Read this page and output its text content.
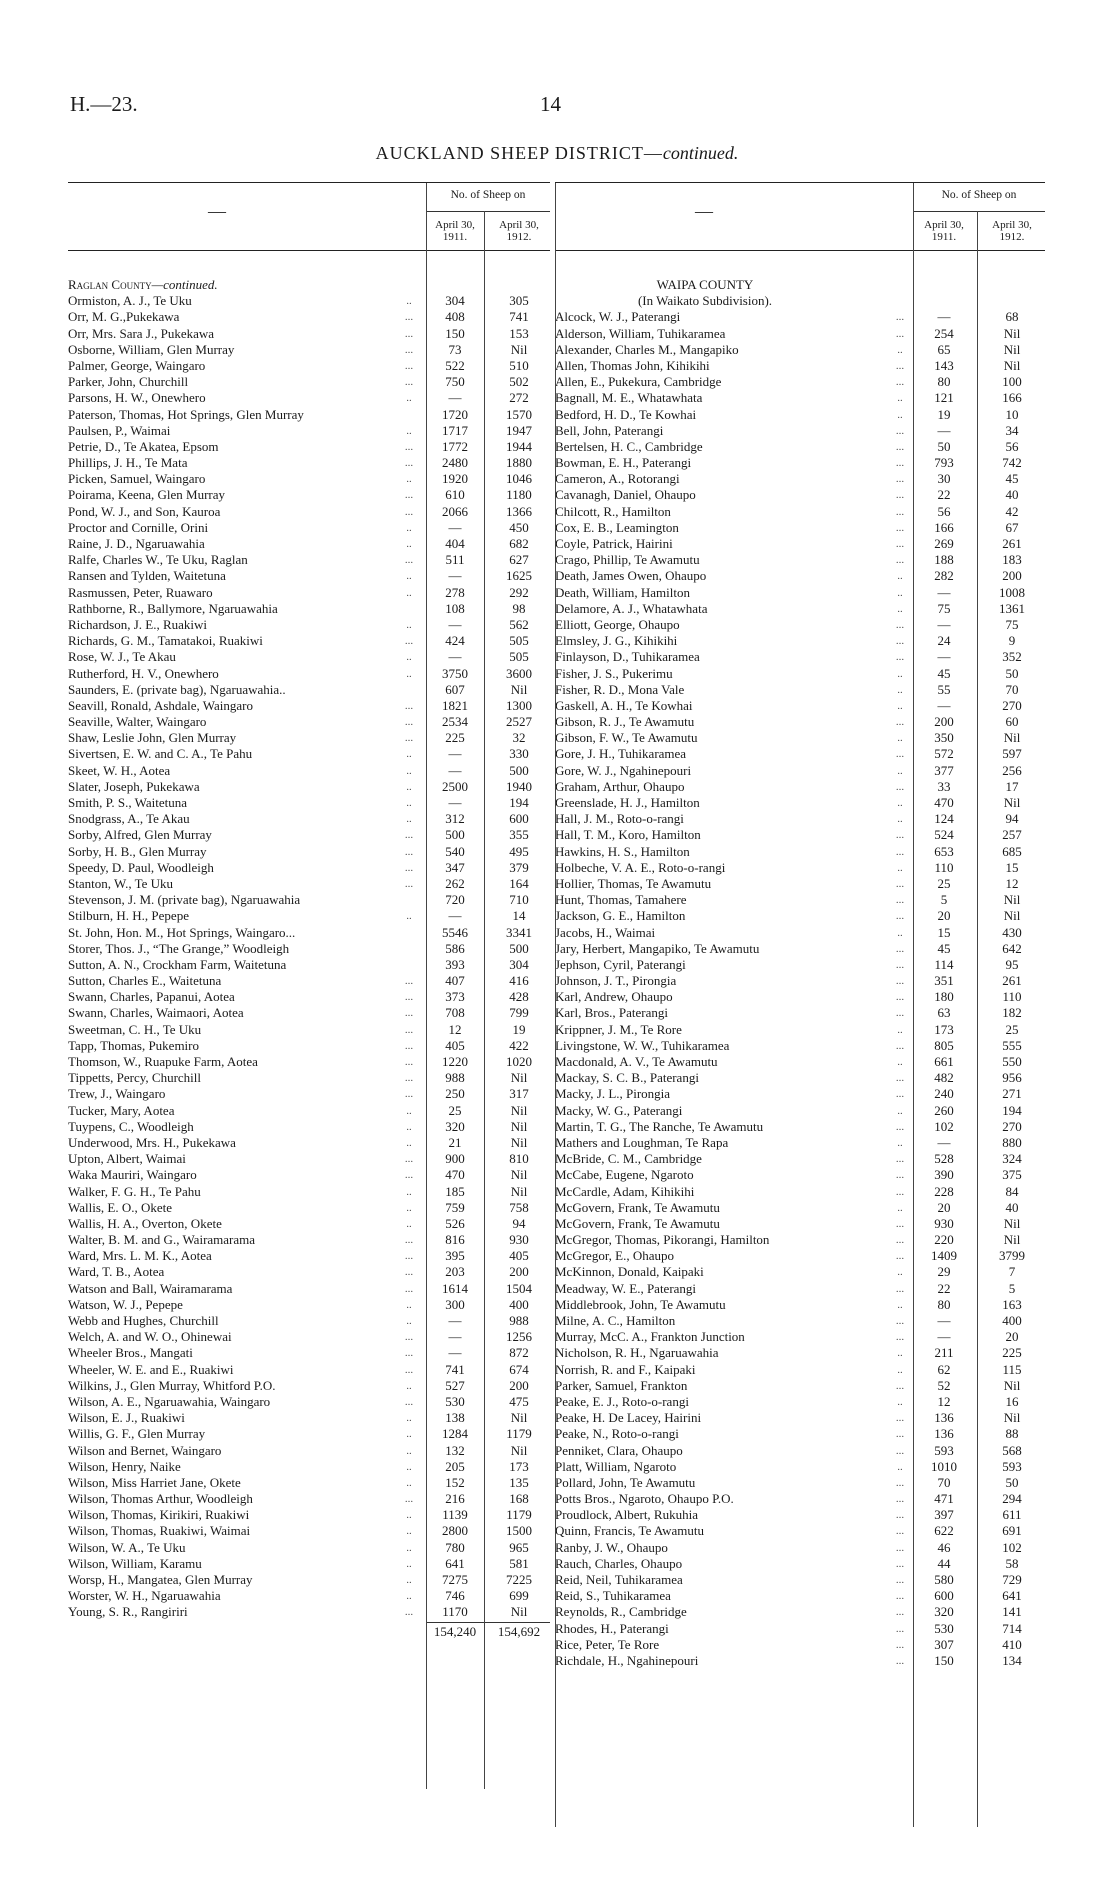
H.—23.	14
AUCKLAND SHEEP DISTRICT—continued.
—
No. of Sheep on
April 30, 1911.
April 30, 1912.
Raglan County—continued.
Ormiston, A. J., Te Uku	..	304	305
Orr, M. G.,Pukekawa	...	408	741
Orr, Mrs. Sara J., Pukekawa	...	150	153
Osborne, William, Glen Murray	...	73	Nil
Palmer, George, Waingaro	...	522	510
Parker, John, Churchill	...	750	502
Parsons, H. W., Onewhero	..	—	272
Paterson, Thomas, Hot Springs, Glen Murray	1720	1570
Paulsen, P., Waimai	..	1717	1947
Petrie, D., Te Akatea, Epsom	...	1772	1944
Phillips, J. H., Te Mata	...	2480	1880
Picken, Samuel, Waingaro	..	1920	1046
Poirama, Keena, Glen Murray	...	610	1180
Pond, W. J., and Son, Kauroa	...	2066	1366
Proctor and Cornille, Orini	..	—	450
Raine, J. D., Ngaruawahia	..	404	682
Ralfe, Charles W., Te Uku, Raglan	...	511	627
Ransen and Tylden, Waitetuna	..	—	1625
Rasmussen, Peter, Ruawaro	..	278	292
Rathborne, R., Ballymore, Ngaruawahia	108	98
Richardson, J. E., Ruakiwi	..	—	562
Richards, G. M., Tamatakoi, Ruakiwi	...	424	505
Rose, W. J., Te Akau	..	—	505
Rutherford, H. V., Onewhero	..	3750	3600
Saunders, E. (private bag), Ngaruawahia..	607	Nil
Seavill, Ronald, Ashdale, Waingaro	...	1821	1300
Seaville, Walter, Waingaro	...	2534	2527
Shaw, Leslie John, Glen Murray	...	225	32
Sivertsen, E. W. and C. A., Te Pahu	..	—	330
Skeet, W. H., Aotea	..	—	500
Slater, Joseph, Pukekawa	..	2500	1940
Smith, P. S., Waitetuna	..	—	194
Snodgrass, A., Te Akau	..	312	600
Sorby, Alfred, Glen Murray	...	500	355
Sorby, H. B., Glen Murray	...	540	495
Speedy, D. Paul, Woodleigh	...	347	379
Stanton, W., Te Uku	...	262	164
Stevenson, J. M. (private bag), Ngaruawahia	720	710
Stilburn, H. H., Pepepe	..	—	14
St. John, Hon. M., Hot Springs, Waingaro...	5546	3341
Storer, Thos. J., “The Grange,” Woodleigh	586	500
Sutton, A. N., Crockham Farm, Waitetuna	393	304
Sutton, Charles E., Waitetuna	...	407	416
Swann, Charles, Papanui, Aotea	...	373	428
Swann, Charles, Waimaori, Aotea	...	708	799
Sweetman, C. H., Te Uku	...	12	19
Tapp, Thomas, Pukemiro	...	405	422
Thomson, W., Ruapuke Farm, Aotea	...	1220	1020
Tippetts, Percy, Churchill	...	988	Nil
Trew, J., Waingaro	...	250	317
Tucker, Mary, Aotea	..	25	Nil
Tuypens, C., Woodleigh	..	320	Nil
Underwood, Mrs. H., Pukekawa	..	21	Nil
Upton, Albert, Waimai	...	900	810
Waka Mauriri, Waingaro	...	470	Nil
Walker, F. G. H., Te Pahu	..	185	Nil
Wallis, E. O., Okete	..	759	758
Wallis, H. A., Overton, Okete	..	526	94
Walter, B. M. and G., Wairamarama	...	816	930
Ward, Mrs. L. M. K., Aotea	...	395	405
Ward, T. B., Aotea	...	203	200
Watson and Ball, Wairamarama	...	1614	1504
Watson, W. J., Pepepe	..	300	400
Webb and Hughes, Churchill	..	—	988
Welch, A. and W. O., Ohinewai	...	—	1256
Wheeler Bros., Mangati	...	—	872
Wheeler, W. E. and E., Ruakiwi	...	741	674
Wilkins, J., Glen Murray, Whitford P.O.	..	527	200
Wilson, A. E., Ngaruawahia, Waingaro	...	530	475
Wilson, E. J., Ruakiwi	..	138	Nil
Willis, G. F., Glen Murray	..	1284	1179
Wilson and Bernet, Waingaro	..	132	Nil
Wilson, Henry, Naike	..	205	173
Wilson, Miss Harriet Jane, Okete	..	152	135
Wilson, Thomas Arthur, Woodleigh	...	216	168
Wilson, Thomas, Kirikiri, Ruakiwi	..	1139	1179
Wilson, Thomas, Ruakiwi, Waimai	..	2800	1500
Wilson, W. A., Te Uku	..	780	965
Wilson, William, Karamu	..	641	581
Worsp, H., Mangatea, Glen Murray	..	7275	7225
Worster, W. H., Ngaruawahia	..	746	699
Young, S. R., Rangiriri	...	1170	Nil
154,240	154,692
—
No. of Sheep on
April 30, 1911.
April 30, 1912.
WAIPA COUNTY
(In Waikato Subdivision).
Alcock, W. J., Paterangi	...	—	68
Alderson, William, Tuhikaramea	...	254	Nil
Alexander, Charles M., Mangapiko	..	65	Nil
Allen, Thomas John, Kihikihi	...	143	Nil
Allen, E., Pukekura, Cambridge	...	80	100
Bagnall, M. E., Whatawhata	..	121	166
Bedford, H. D., Te Kowhai	..	19	10
Bell, John, Paterangi	...	—	34
Bertelsen, H. C., Cambridge	...	50	56
Bowman, E. H., Paterangi	...	793	742
Cameron, A., Rotorangi	...	30	45
Cavanagh, Daniel, Ohaupo	...	22	40
Chilcott, R., Hamilton	...	56	42
Cox, E. B., Leamington	...	166	67
Coyle, Patrick, Hairini	...	269	261
Crago, Phillip, Te Awamutu	...	188	183
Death, James Owen, Ohaupo	..	282	200
Death, William, Hamilton	..	—	1008
Delamore, A. J., Whatawhata	..	75	1361
Elliott, George, Ohaupo	...	—	75
Elmsley, J. G., Kihikihi	...	24	9
Finlayson, D., Tuhikaramea	...	—	352
Fisher, J. S., Pukerimu	..	45	50
Fisher, R. D., Mona Vale	..	55	70
Gaskell, A. H., Te Kowhai	..	—	270
Gibson, R. J., Te Awamutu	...	200	60
Gibson, F. W., Te Awamutu	..	350	Nil
Gore, J. H., Tuhikaramea	...	572	597
Gore, W. J., Ngahinepouri	..	377	256
Graham, Arthur, Ohaupo	...	33	17
Greenslade, H. J., Hamilton	..	470	Nil
Hall, J. M., Roto-o-rangi	..	124	94
Hall, T. M., Koro, Hamilton	...	524	257
Hawkins, H. S., Hamilton	...	653	685
Holbeche, V. A. E., Roto-o-rangi	..	110	15
Hollier, Thomas, Te Awamutu	...	25	12
Hunt, Thomas, Tamahere	...	5	Nil
Jackson, G. E., Hamilton	...	20	Nil
Jacobs, H., Waimai	..	15	430
Jary, Herbert, Mangapiko, Te Awamutu	...	45	642
Jephson, Cyril, Paterangi	...	114	95
Johnson, J. T., Pirongia	...	351	261
Karl, Andrew, Ohaupo	...	180	110
Karl, Bros., Paterangi	...	63	182
Krippner, J. M., Te Rore	..	173	25
Livingstone, W. W., Tuhikaramea	...	805	555
Macdonald, A. V., Te Awamutu	..	661	550
Mackay, S. C. B., Paterangi	...	482	956
Macky, J. L., Pirongia	...	240	271
Macky, W. G., Paterangi	..	260	194
Martin, T. G., The Ranche, Te Awamutu	...	102	270
Mathers and Loughman, Te Rapa	..	—	880
McBride, C. M., Cambridge	...	528	324
McCabe, Eugene, Ngaroto	...	390	375
McCardle, Adam, Kihikihi	...	228	84
McGovern, Frank, Te Awamutu	..	20	40
McGovern, Frank, Te Awamutu	...	930	Nil
McGregor, Thomas, Pikorangi, Hamilton	...	220	Nil
McGregor, E., Ohaupo	...	1409	3799
McKinnon, Donald, Kaipaki	..	29	7
Meadway, W. E., Paterangi	...	22	5
Middlebrook, John, Te Awamutu	..	80	163
Milne, A. C., Hamilton	...	—	400
Murray, McC. A., Frankton Junction	...	—	20
Nicholson, R. H., Ngaruawahia	..	211	225
Norrish, R. and F., Kaipaki	..	62	115
Parker, Samuel, Frankton	...	52	Nil
Peake, E. J., Roto-o-rangi	..	12	16
Peake, H. De Lacey, Hairini	...	136	Nil
Peake, N., Roto-o-rangi	...	136	88
Penniket, Clara, Ohaupo	...	593	568
Platt, William, Ngaroto	..	1010	593
Pollard, John, Te Awamutu	...	70	50
Potts Bros., Ngaroto, Ohaupo P.O.	...	471	294
Proudlock, Albert, Rukuhia	...	397	611
Quinn, Francis, Te Awamutu	...	622	691
Ranby, J. W., Ohaupo	...	46	102
Rauch, Charles, Ohaupo	...	44	58
Reid, Neil, Tuhikaramea	...	580	729
Reid, S., Tuhikaramea	...	600	641
Reynolds, R., Cambridge	...	320	141
Rhodes, H., Paterangi	...	530	714
Rice, Peter, Te Rore	...	307	410
Richdale, H., Ngahinepouri	...	150	134
